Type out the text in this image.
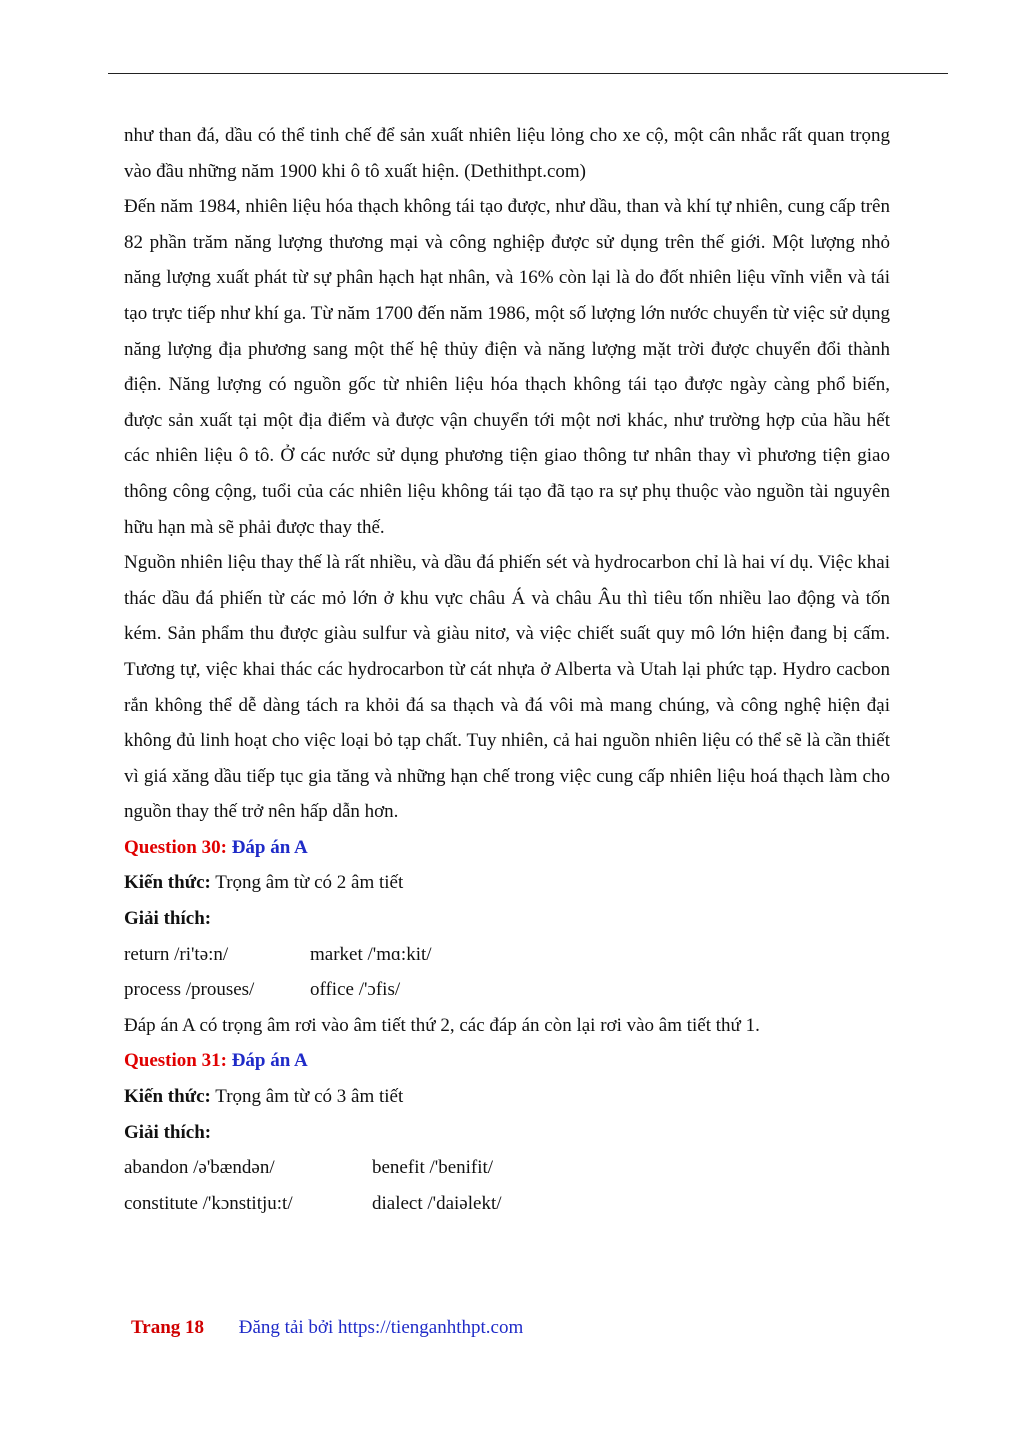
như than đá, dầu có thể tinh chế để sản xuất nhiên liệu lỏng cho xe cộ, một cân nhắc rất quan trọng vào đầu những năm 1900 khi ô tô xuất hiện. (Dethithpt.com)

Đến năm 1984, nhiên liệu hóa thạch không tái tạo được, như dầu, than và khí tự nhiên, cung cấp trên 82 phần trăm năng lượng thương mại và công nghiệp được sử dụng trên thế giới. Một lượng nhỏ năng lượng xuất phát từ sự phân hạch hạt nhân, và 16% còn lại là do đốt nhiên liệu vĩnh viễn và tái tạo trực tiếp như khí ga. Từ năm 1700 đến năm 1986, một số lượng lớn nước chuyển từ việc sử dụng năng lượng địa phương sang một thế hệ thủy điện và năng lượng mặt trời được chuyển đổi thành điện. Năng lượng có nguồn gốc từ nhiên liệu hóa thạch không tái tạo được ngày càng phổ biến, được sản xuất tại một địa điểm và được vận chuyển tới một nơi khác, như trường hợp của hầu hết các nhiên liệu ô tô. Ở các nước sử dụng phương tiện giao thông tư nhân thay vì phương tiện giao thông công cộng, tuổi của các nhiên liệu không tái tạo đã tạo ra sự phụ thuộc vào nguồn tài nguyên hữu hạn mà sẽ phải được thay thế.

Nguồn nhiên liệu thay thế là rất nhiều, và dầu đá phiến sét và hydrocarbon chỉ là hai ví dụ. Việc khai thác dầu đá phiến từ các mỏ lớn ở khu vực châu Á và châu Âu thì tiêu tốn nhiều lao động và tốn kém. Sản phẩm thu được giàu sulfur và giàu nitơ, và việc chiết suất quy mô lớn hiện đang bị cấm. Tương tự, việc khai thác các hydrocarbon từ cát nhựa ở Alberta và Utah lại phức tạp. Hydro cacbon rắn không thể dễ dàng tách ra khỏi đá sa thạch và đá vôi mà mang chúng, và công nghệ hiện đại không đủ linh hoạt cho việc loại bỏ tạp chất. Tuy nhiên, cả hai nguồn nhiên liệu có thể sẽ là cần thiết vì giá xăng dầu tiếp tục gia tăng và những hạn chế trong việc cung cấp nhiên liệu hoá thạch làm cho nguồn thay thế trở nên hấp dẫn hơn.

Question 30: Đáp án A

Kiến thức: Trọng âm từ có 2 âm tiết

Giải thích:

return /ri'tə:n/	market /'mɑ:kit/
process /prouses/	office /'ɔfis/

Đáp án A có trọng âm rơi vào âm tiết thứ 2, các đáp án còn lại rơi vào âm tiết thứ 1.

Question 31: Đáp án A

Kiến thức: Trọng âm từ có 3 âm tiết

Giải thích:

abandon /ə'bændən/	benefit /'benifit/
constitute /'kɔnstitju:t/	dialect /'daiəlekt/
Trang 18 Đăng tải bởi https://tienganhthpt.com
